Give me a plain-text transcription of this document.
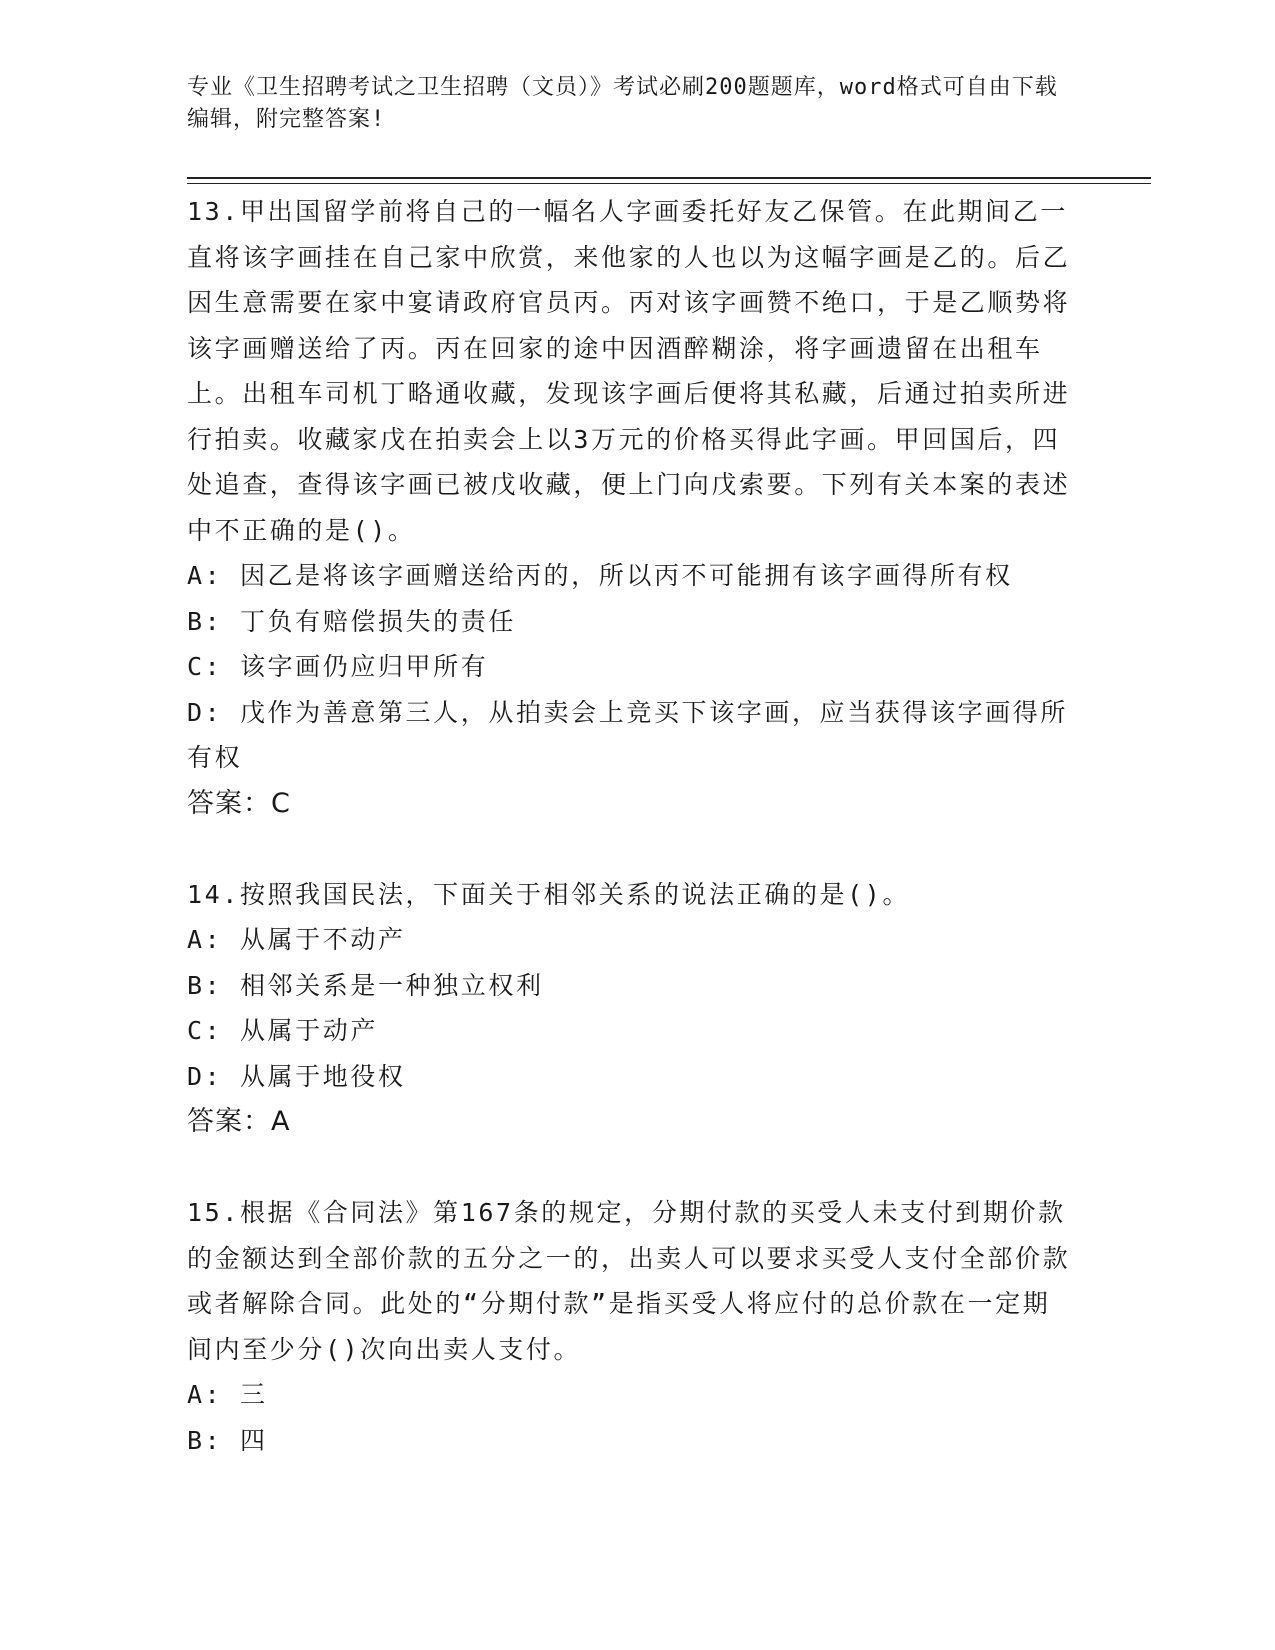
专业《卫生招聘考试之卫生招聘（文员）》考试必刷200题题库，word格式可自由下载编辑，附完整答案!

13.甲出国留学前将自己的一幅名人字画委托好友乙保管。在此期间乙一直将该字画挂在自己家中欣赏，来他家的人也以为这幅字画是乙的。后乙因生意需要在家中宴请政府官员丙。丙对该字画赞不绝口，于是乙顺势将该字画赠送给了丙。丙在回家的途中因酒醉糊涂，将字画遗留在出租车上。出租车司机丁略通收藏，发现该字画后便将其私藏，后通过拍卖所进行拍卖。收藏家戊在拍卖会上以3万元的价格买得此字画。甲回国后，四处追查，查得该字画已被戊收藏，便上门向戊索要。下列有关本案的表述中不正确的是()。

A: 因乙是将该字画赠送给丙的，所以丙不可能拥有该字画得所有权

B: 丁负有赔偿损失的责任

C: 该字画仍应归甲所有

D: 戊作为善意第三人，从拍卖会上竞买下该字画，应当获得该字画得所有权

答案：C

14.按照我国民法，下面关于相邻关系的说法正确的是()。

A: 从属于不动产

B: 相邻关系是一种独立权利

C: 从属于动产

D: 从属于地役权

答案：A

15.根据《合同法》第167条的规定，分期付款的买受人未支付到期价款的金额达到全部价款的五分之一的，出卖人可以要求买受人支付全部价款或者解除合同。此处的“分期付款”是指买受人将应付的总价款在一定期间内至少分()次向出卖人支付。

A: 三

B: 四
